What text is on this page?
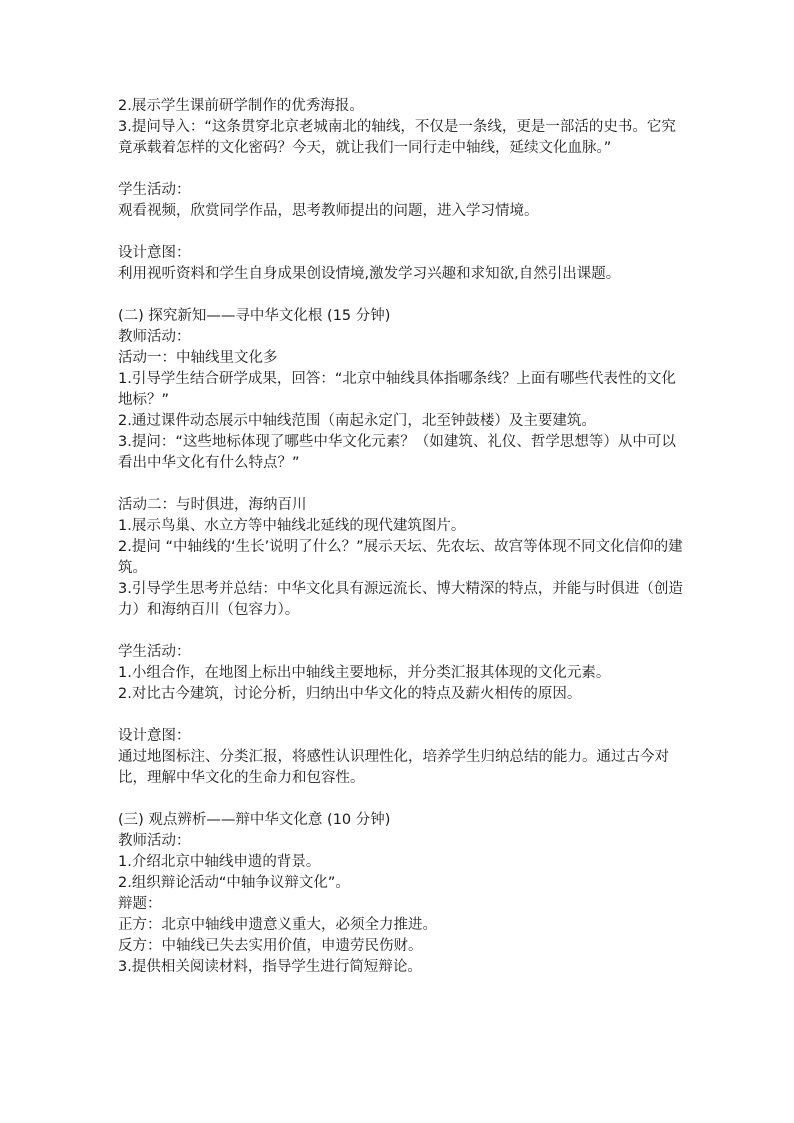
2.展示学生课前研学制作的优秀海报。
3.提问导入：“这条贯穿北京老城南北的轴线，不仅是一条线，更是一部活的史书。它究竟承载着怎样的文化密码？今天，就让我们一同行走中轴线，延续文化血脉。”
学生活动：
观看视频，欣赏同学作品，思考教师提出的问题，进入学习情境。
设计意图：
利用视听资料和学生自身成果创设情境,激发学习兴趣和求知欲,自然引出课题。
(二) 探究新知——寻中华文化根 (15 分钟)
教师活动：
活动一：中轴线里文化多
1.引导学生结合研学成果，回答：“北京中轴线具体指哪条线？上面有哪些代表性的文化地标？”
2.通过课件动态展示中轴线范围（南起永定门，北至钟鼓楼）及主要建筑。
3.提问：“这些地标体现了哪些中华文化元素？（如建筑、礼仪、哲学思想等）从中可以看出中华文化有什么特点？”
活动二：与时俱进，海纳百川
1.展示鸟巢、水立方等中轴线北延线的现代建筑图片。
2.提问 “中轴线的‘生长’说明了什么？”展示天坛、先农坛、故宫等体现不同文化信仰的建筑。
3.引导学生思考并总结：中华文化具有源远流长、博大精深的特点，并能与时俱进（创造力）和海纳百川（包容力）。
学生活动：
1.小组合作，在地图上标出中轴线主要地标，并分类汇报其体现的文化元素。
2.对比古今建筑，讨论分析，归纳出中华文化的特点及薪火相传的原因。
设计意图：
通过地图标注、分类汇报，将感性认识理性化，培养学生归纳总结的能力。通过古今对比，理解中华文化的生命力和包容性。
(三) 观点辨析——辩中华文化意 (10 分钟)
教师活动：
1.介绍北京中轴线申遗的背景。
2.组织辩论活动“中轴争议辩文化”。
辩题：
正方：北京中轴线申遗意义重大，必须全力推进。
反方：中轴线已失去实用价值，申遗劳民伤财。
3.提供相关阅读材料，指导学生进行简短辩论。
